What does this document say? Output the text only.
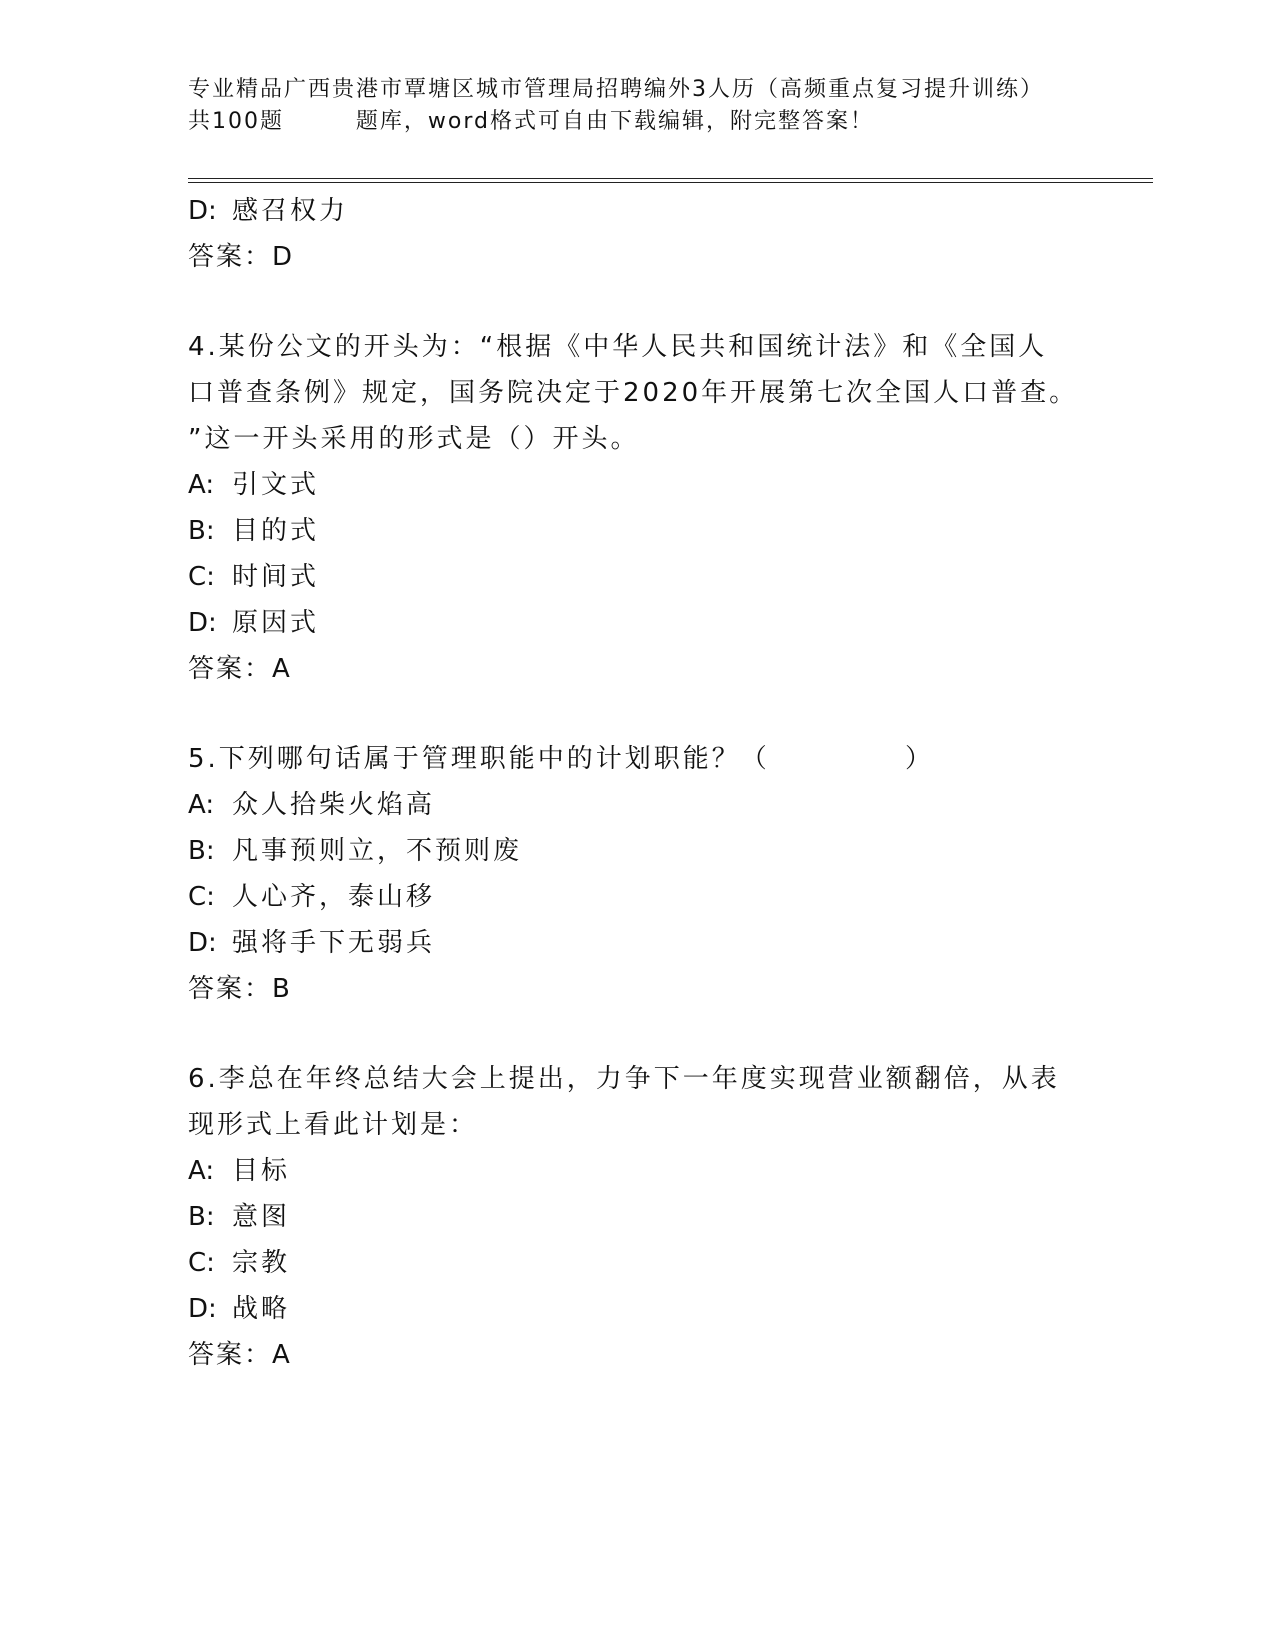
专业精品广西贵港市覃塘区城市管理局招聘编外3人历（高频重点复习提升训练）

共100题        题库，word格式可自由下载编辑，附完整答案！
D: 感召权力
答案：D
4.某份公文的开头为：“根据《中华人民共和国统计法》和《全国人
口普查条例》规定，国务院决定于2020年开展第七次全国人口普查。
”这一开头采用的形式是（）开头。
A: 引文式
B: 目的式
C: 时间式
D: 原因式
答案：A
5.下列哪句话属于管理职能中的计划职能？（            ）
A: 众人拾柴火焰高
B: 凡事预则立，不预则废
C: 人心齐，泰山移
D: 强将手下无弱兵
答案：B
6.李总在年终总结大会上提出，力争下一年度实现营业额翻倍，从表
现形式上看此计划是：
A: 目标
B: 意图
C: 宗教
D: 战略
答案：A
